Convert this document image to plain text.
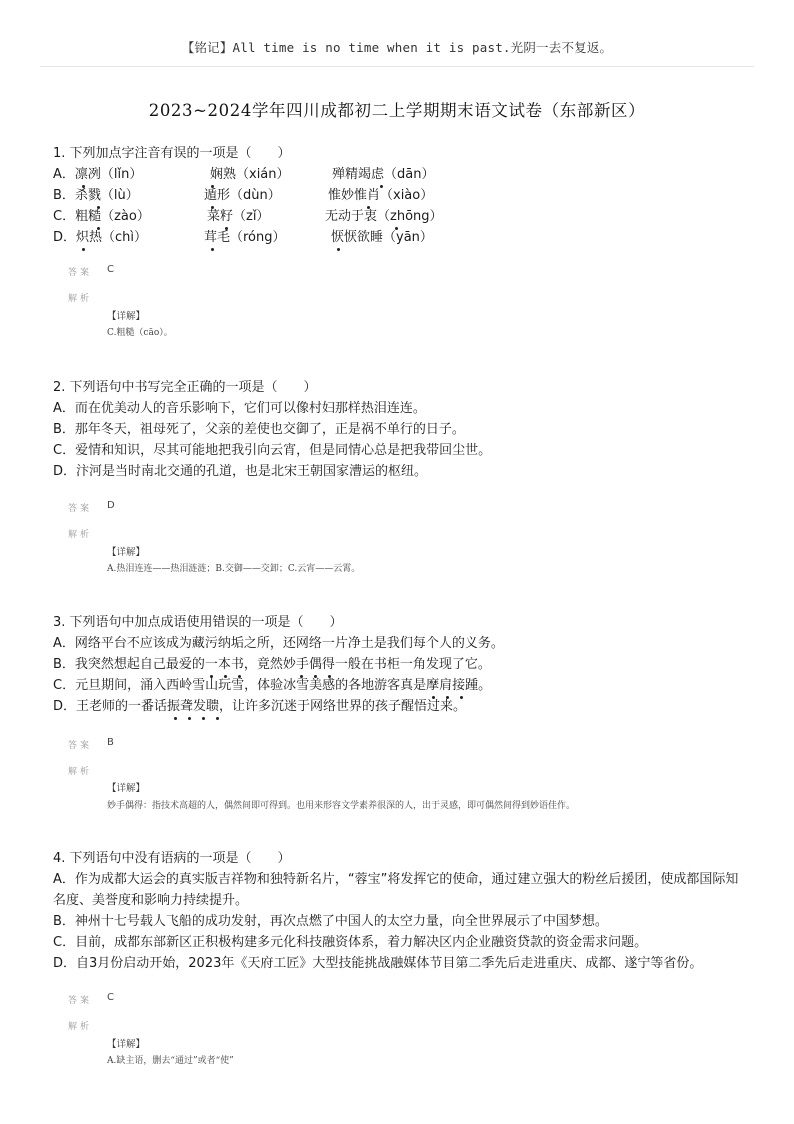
【铭记】All time is no time when it is past.光阴一去不复返。
2023~2024学年四川成都初二上学期期末语文试卷（东部新区）
1. 下列加点字注音有误的一项是（　　）
A．凛冽（lǐn）	娴熟（xián）	殚精竭虑（dān）
B．杀戮（lù）	遁形（dùn）	惟妙惟肖（xiào）
C．粗糙（zào）	菜籽（zǐ）	无动于衷（zhōng）
D．炽热（chì）	茸毛（róng）	恹恹欲睡（yān）
答案 C
解析
【详解】
C.粗糙（cāo）。
2. 下列语句中书写完全正确的一项是（　　）
A．而在优美动人的音乐影响下，它们可以像村妇那样热泪连连。
B．那年冬天，祖母死了，父亲的差使也交御了，正是祸不单行的日子。
C．爱情和知识，尽其可能地把我引向云宵，但是同情心总是把我带回尘世。
D．汴河是当时南北交通的孔道，也是北宋王朝国家漕运的枢纽。
答案 D
解析
【详解】
A.热泪连连——热泪涟涟；B.交御——交卸；C.云宵——云霄。
3. 下列语句中加点成语使用错误的一项是（　　）
A．网络平台不应该成为藏污纳垢之所，还网络一片净土是我们每个人的义务。
B．我突然想起自己最爱的一本书，竟然妙手偶得一般在书柜一角发现了它。
C．元旦期间，涌入西岭雪山玩雪，体验冰雪美感的各地游客真是摩肩接踵。
D．王老师的一番话振聋发聩，让许多沉迷于网络世界的孩子醒悟过来。
答案 B
解析
【详解】
妙手偶得：指技术高超的人，偶然间即可得到。也用来形容文学素养很深的人，出于灵感，即可偶然间得到妙语佳作。
4. 下列语句中没有语病的一项是（　　）
A．作为成都大运会的真实版吉祥物和独特新名片，“蓉宝”将发挥它的使命，通过建立强大的粉丝后援团，使成都国际知名度、美誉度和影响力持续提升。
B．神州十七号载人飞船的成功发射，再次点燃了中国人的太空力量，向全世界展示了中国梦想。
C．目前，成都东部新区正积极构建多元化科技融资体系，着力解决区内企业融资贷款的资金需求问题。
D．自3月份启动开始，2023年《天府工匠》大型技能挑战融媒体节目第二季先后走进重庆、成都、遂宁等省份。
答案 C
解析
【详解】
A.缺主语，删去“通过”或者“使”
